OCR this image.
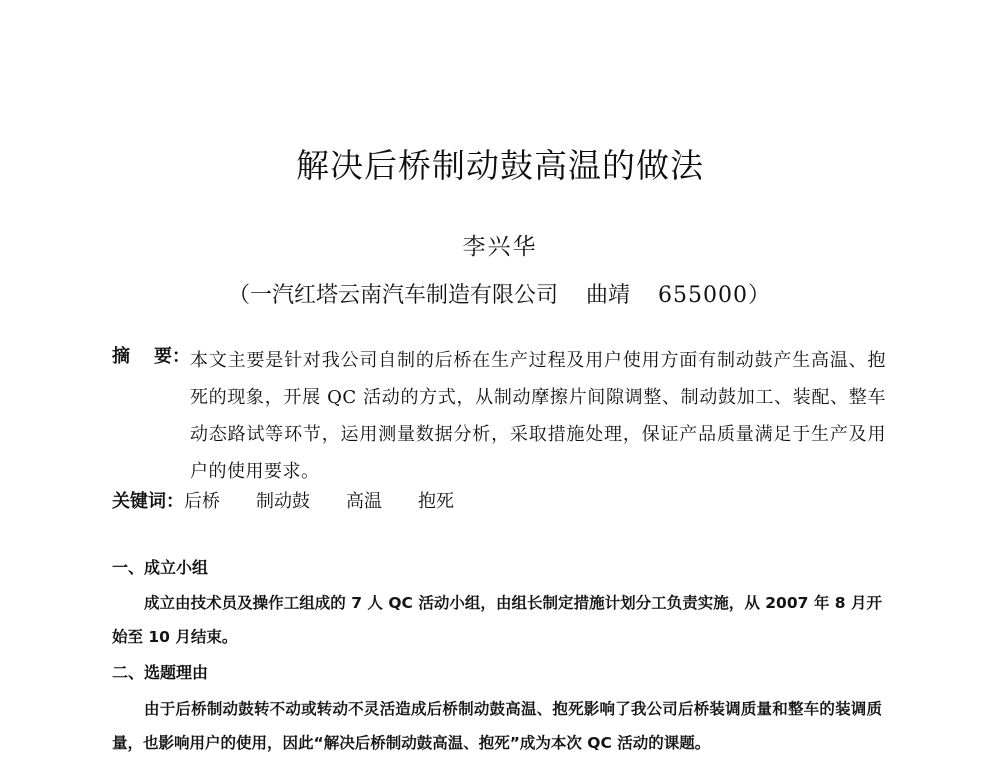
解决后桥制动鼓高温的做法
李兴华
（一汽红塔云南汽车制造有限公司 曲靖 655000）
摘 要： 本文主要是针对我公司自制的后桥在生产过程及用户使用方面有制动鼓产生高温、抱死的现象，开展 QC 活动的方式，从制动摩擦片间隙调整、制动鼓加工、装配、整车动态路试等环节，运用测量数据分析，采取措施处理，保证产品质量满足于生产及用户的使用要求。
关键词：后桥 制动鼓 高温 抱死
一、成立小组
成立由技术员及操作工组成的 7 人 QC 活动小组，由组长制定措施计划分工负责实施，从 2007 年 8 月开始至 10 月结束。
二、选题理由
由于后桥制动鼓转不动或转动不灵活造成后桥制动鼓高温、抱死影响了我公司后桥装调质量和整车的装调质量，也影响用户的使用，因此“解决后桥制动鼓高温、抱死”成为本次 QC 活动的课题。
